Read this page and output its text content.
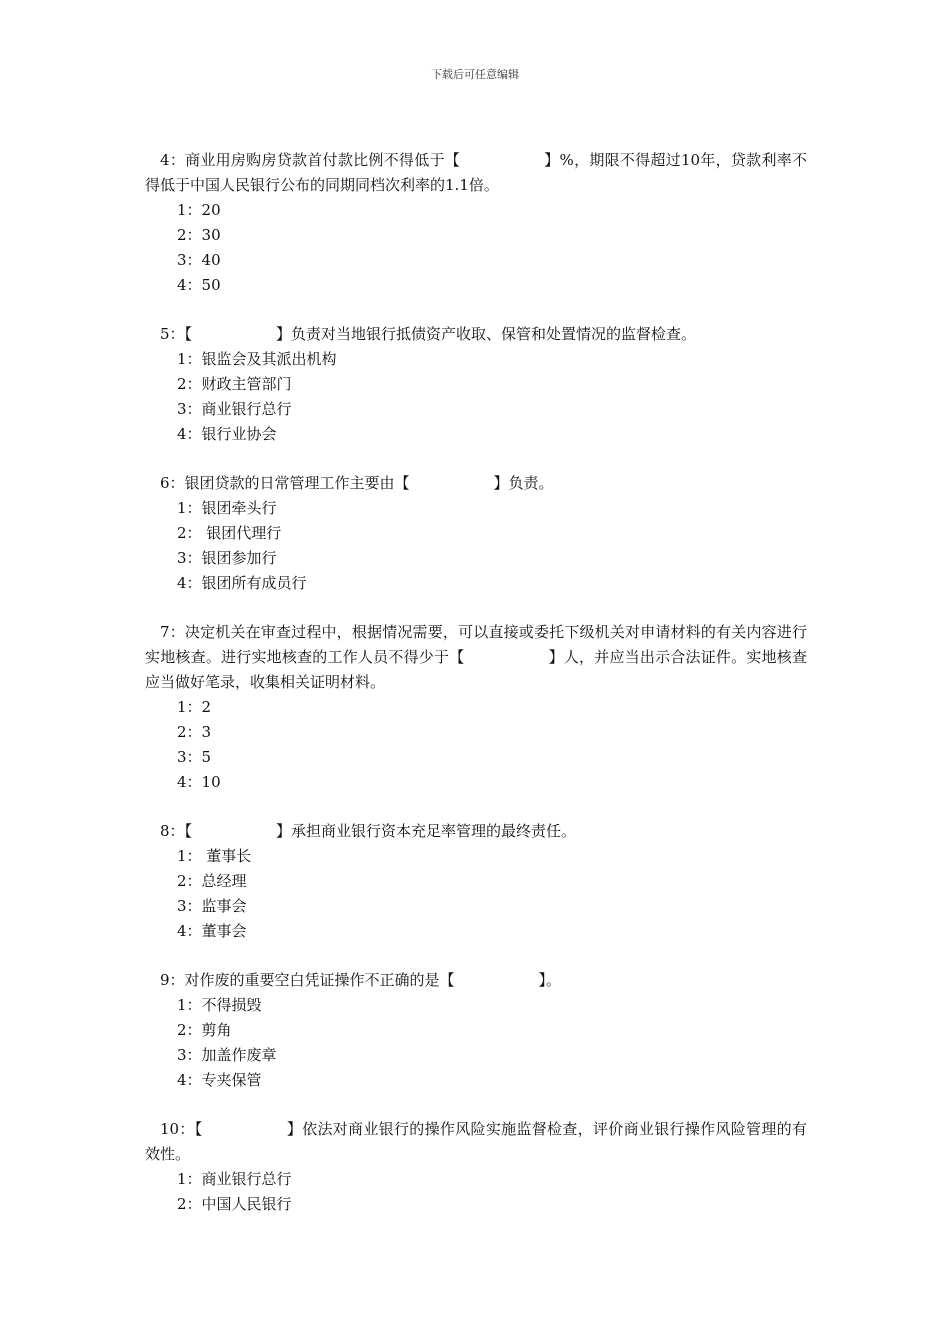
下载后可任意编辑
4：商业用房购房贷款首付款比例不得低于【	】%，期限不得超过10年，贷款利率不得低于中国人民银行公布的同期同档次利率的1.1倍。
1：20
2：30
3：40
4：50
5：【	】负责对当地银行抵债资产收取、保管和处置情况的监督检查。
1：银监会及其派出机构
2：财政主管部门
3：商业银行总行
4：银行业协会
6：银团贷款的日常管理工作主要由【	】负责。
1：银团牵头行
2： 银团代理行
3：银团参加行
4：银团所有成员行
7：决定机关在审查过程中，根据情况需要，可以直接或委托下级机关对申请材料的有关内容进行实地核查。进行实地核查的工作人员不得少于【	】人，并应当出示合法证件。实地核查应当做好笔录，收集相关证明材料。
1：2
2：3
3：5
4：10
8：【	】承担商业银行资本充足率管理的最终责任。
1： 董事长
2：总经理
3：监事会
4：董事会
9：对作废的重要空白凭证操作不正确的是【	】。
1：不得损毁
2：剪角
3：加盖作废章
4：专夹保管
10：【	】依法对商业银行的操作风险实施监督检查，评价商业银行操作风险管理的有效性。
1：商业银行总行
2：中国人民银行
